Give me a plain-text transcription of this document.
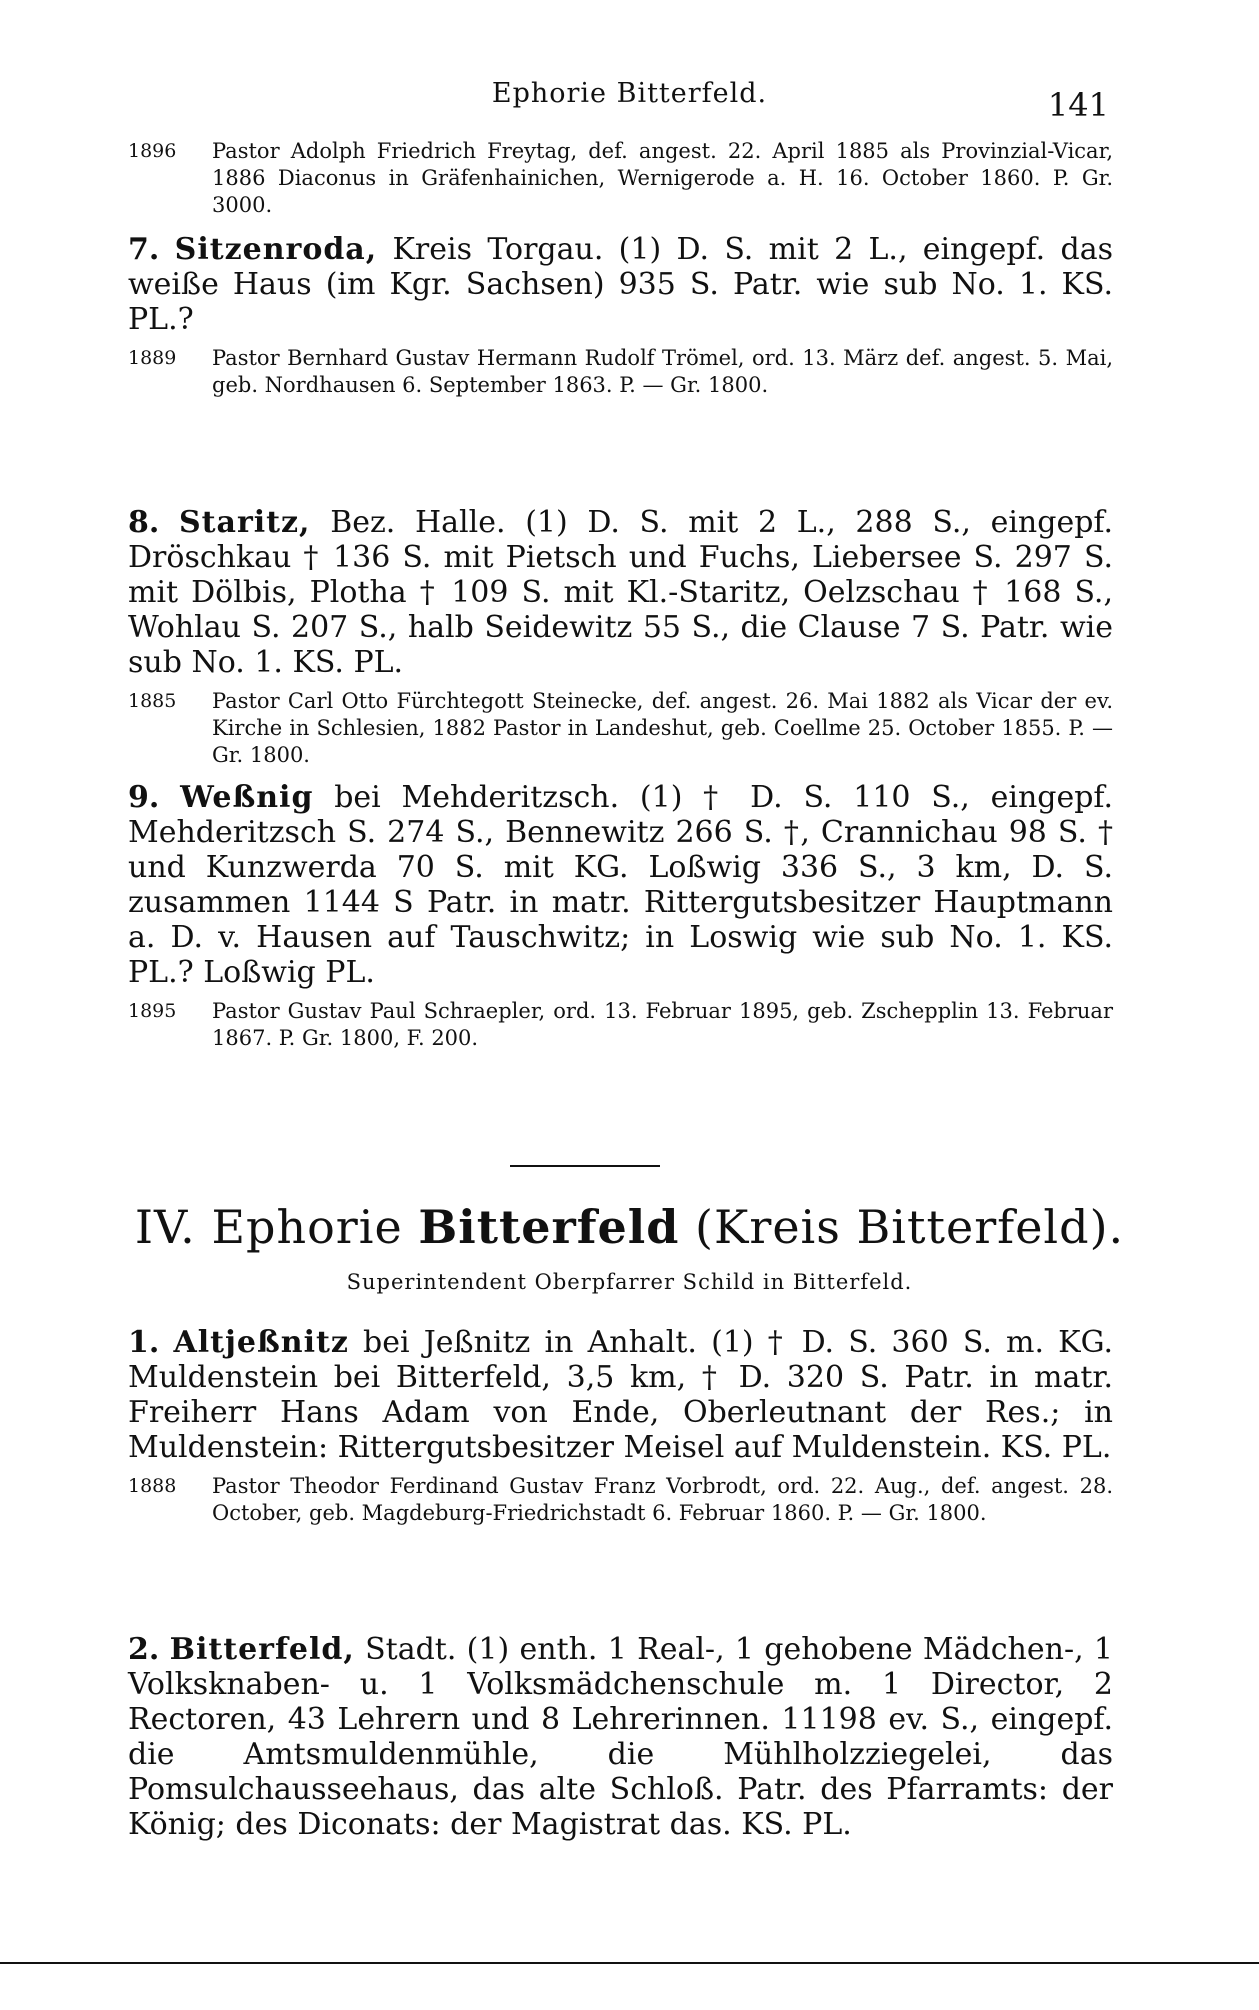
Ephorie Bitterfeld.	141

1896 Pastor Adolph Friedrich Freytag, def. angest. 22. April 1885 als Provinzial-Vicar, 1886 Diaconus in Gräfenhainichen, Wernigerode a. H. 16. October 1860. P. Gr. 3000.

7. Sitzenroda, Kreis Torgau. (1) D. S. mit 2 L., eingepf. das weiße Haus (im Kgr. Sachsen) 935 S. Patr. wie sub No. 1. KS. PL.?

1889 Pastor Bernhard Gustav Hermann Rudolf Trömel, ord. 13. März def. angest. 5. Mai, geb. Nordhausen 6. September 1863. P. — Gr. 1800.

8. Staritz, Bez. Halle. (1) D. S. mit 2 L., 288 S., eingepf. Dröschkau † 136 S. mit Pietsch und Fuchs, Liebersee S. 297 S. mit Dölbis, Plotha † 109 S. mit Kl.-Staritz, Oelzschau † 168 S., Wohlau S. 207 S., halb Seidewitz 55 S., die Clause 7 S. Patr. wie sub No. 1. KS. PL.

1885 Pastor Carl Otto Fürchtegott Steinecke, def. angest. 26. Mai 1882 als Vicar der ev. Kirche in Schlesien, 1882 Pastor in Landeshut, geb. Coellme 25. October 1855. P. — Gr. 1800.

9. Weßnig bei Mehderitzsch. (1) † D. S. 110 S., eingepf. Mehderitzsch S. 274 S., Bennewitz 266 S. †, Crannichau 98 S. † und Kunzwerda 70 S. mit KG. Loßwig 336 S., 3 km, D. S. zusammen 1144 S Patr. in matr. Rittergutsbesitzer Hauptmann a. D. v. Hausen auf Tauschwitz; in Loswig wie sub No. 1. KS. PL.? Loßwig PL.

1895 Pastor Gustav Paul Schraepler, ord. 13. Februar 1895, geb. Zschepplin 13. Februar 1867. P. Gr. 1800, F. 200.

IV. Ephorie Bitterfeld (Kreis Bitterfeld).
Superintendent Oberpfarrer Schild in Bitterfeld.

1. Altjeßnitz bei Jeßnitz in Anhalt. (1) † D. S. 360 S. m. KG. Muldenstein bei Bitterfeld, 3,5 km, † D. 320 S. Patr. in matr. Freiherr Hans Adam von Ende, Oberleutnant der Res.; in Muldenstein: Rittergutsbesitzer Meisel auf Muldenstein. KS. PL.

1888 Pastor Theodor Ferdinand Gustav Franz Vorbrodt, ord. 22. Aug., def. angest. 28. October, geb. Magdeburg-Friedrichstadt 6. Februar 1860. P. — Gr. 1800.

2. Bitterfeld, Stadt. (1) enth. 1 Real-, 1 gehobene Mädchen-, 1 Volksknaben- u. 1 Volksmädchenschule m. 1 Director, 2 Rectoren, 43 Lehrern und 8 Lehrerinnen. 11198 ev. S., eingepf. die Amtsmuldenmühle, die Mühlholzziegelei, das Pomsulchausseehaus, das alte Schloß. Patr. des Pfarramts: der König; des Diconats: der Magistrat das. KS. PL.
